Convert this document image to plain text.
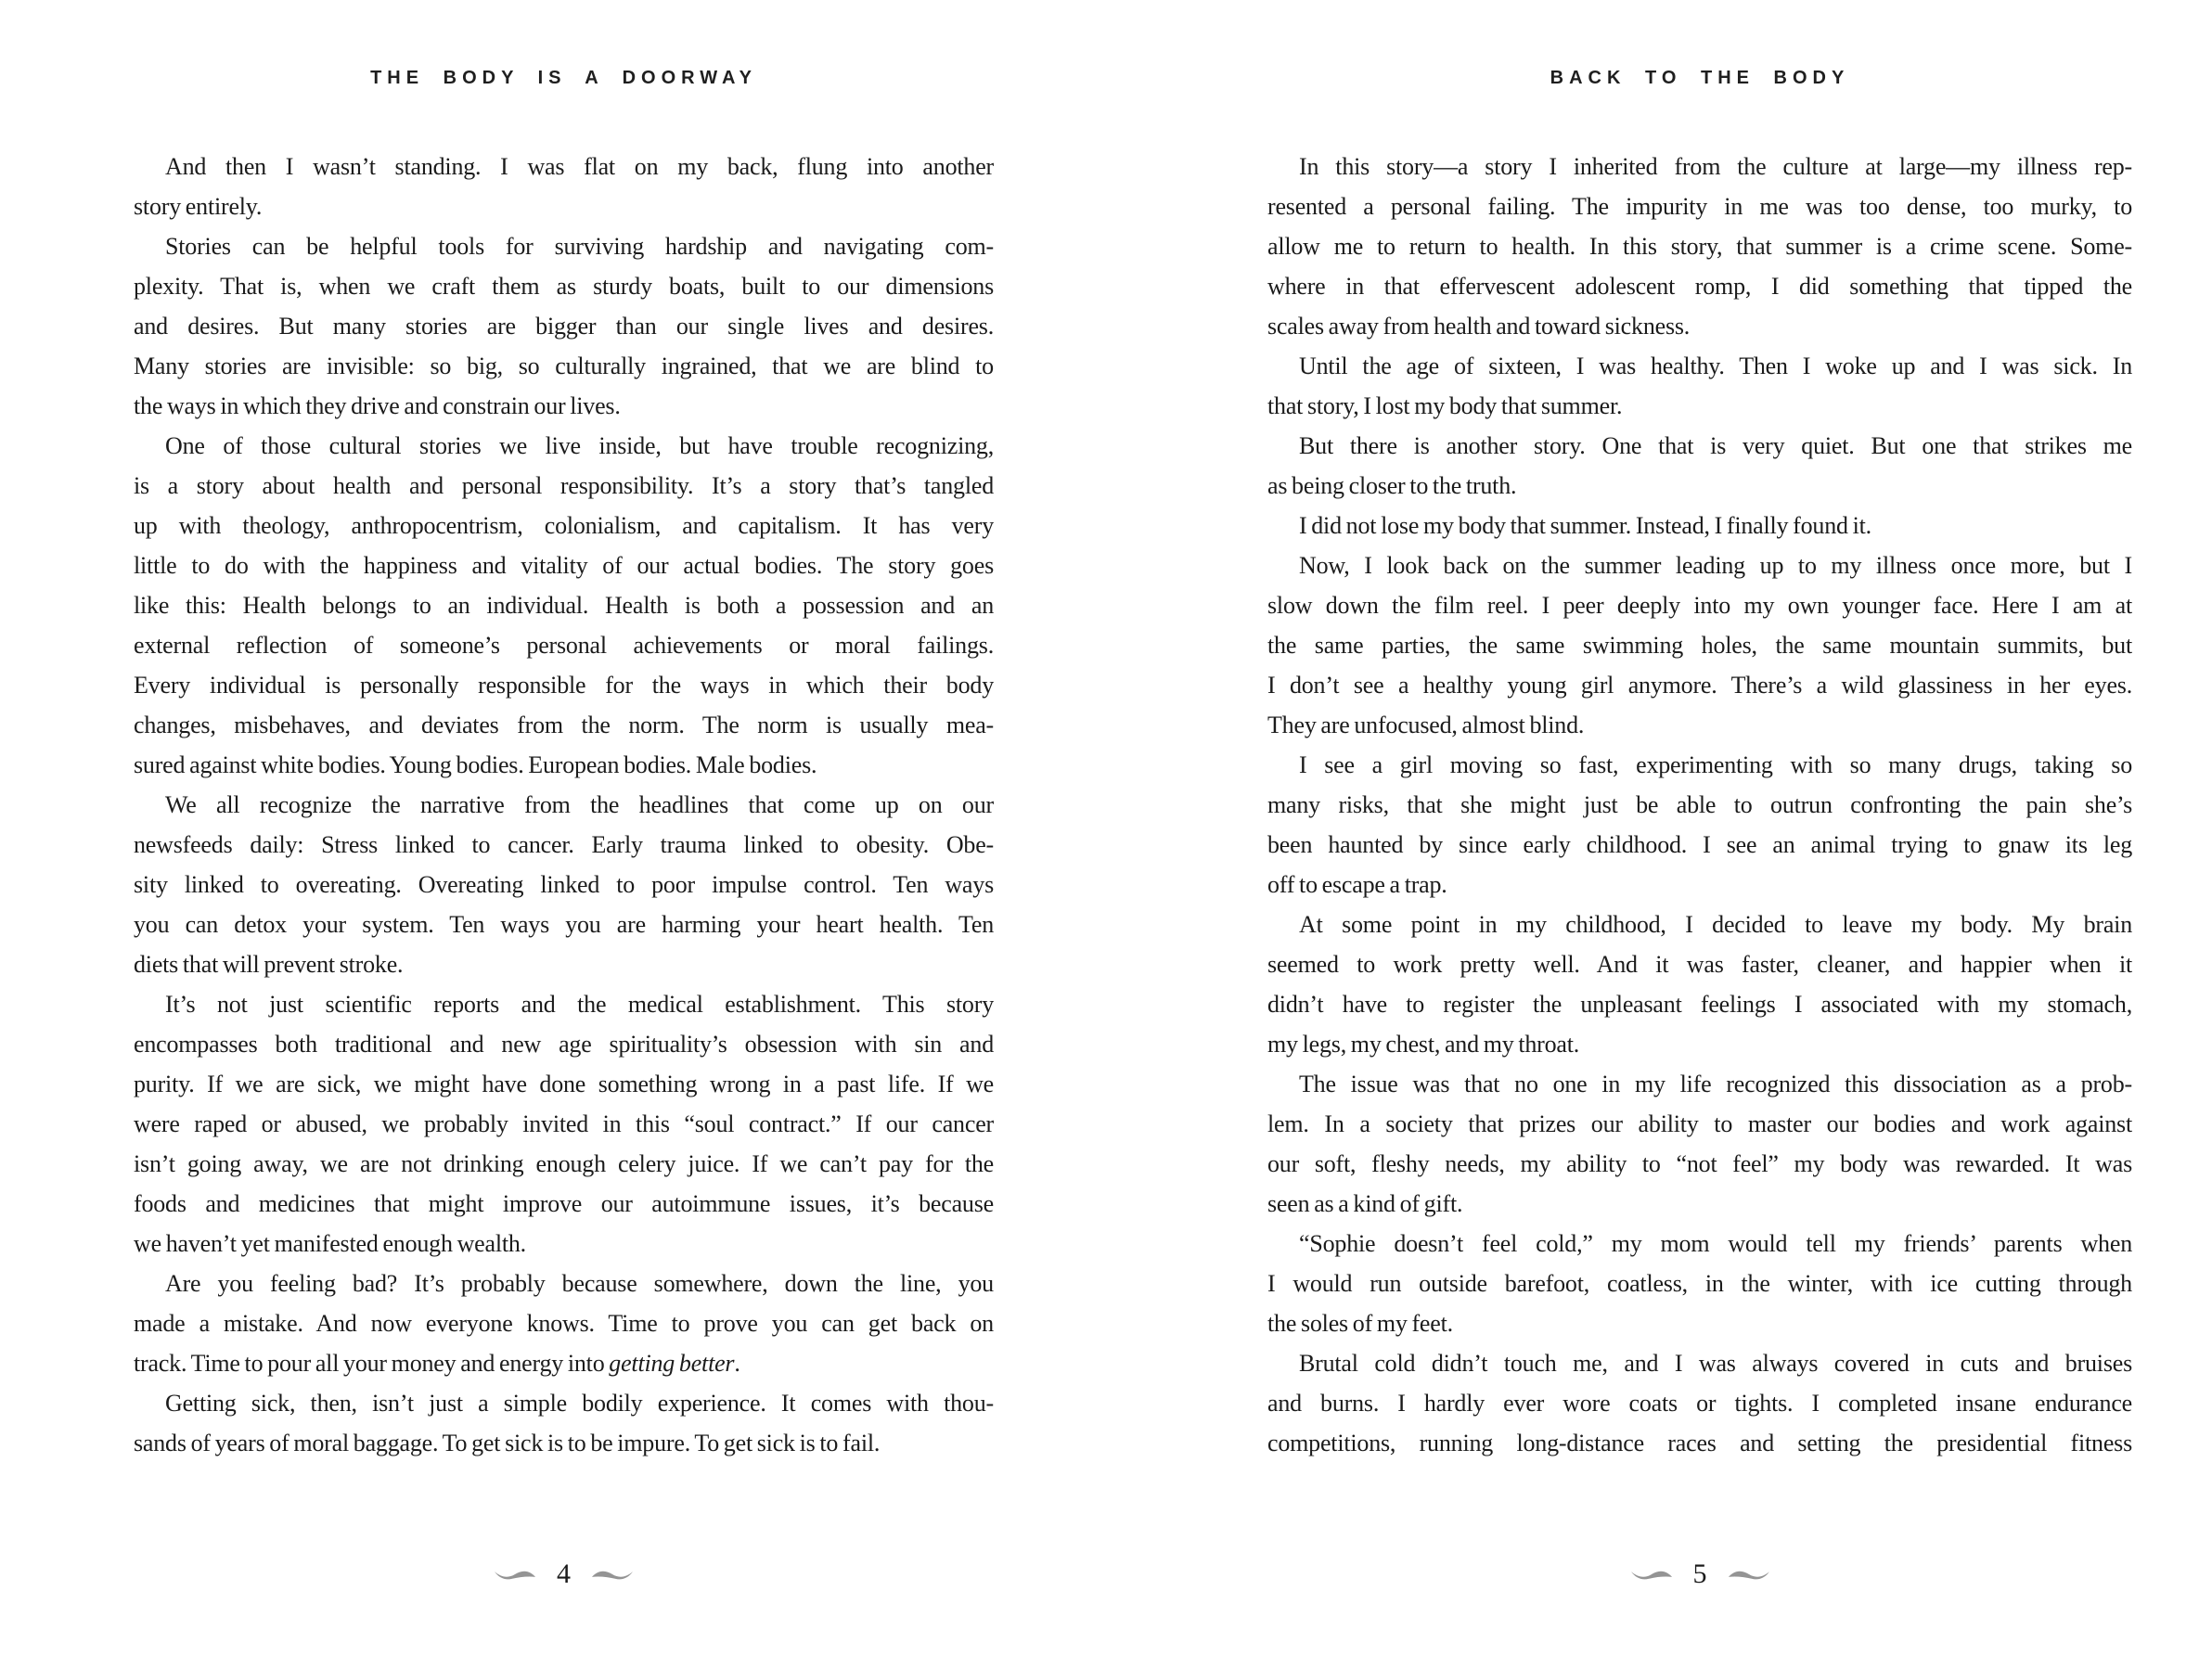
THE BODY IS A DOORWAY
And then I wasn’t standing. I was flat on my back, flung into another
story entirely.
Stories can be helpful tools for surviving hardship and navigating com-
plexity. That is, when we craft them as sturdy boats, built to our dimensions
and desires. But many stories are bigger than our single lives and desires.
Many stories are invisible: so big, so culturally ingrained, that we are blind to
the ways in which they drive and constrain our lives.
One of those cultural stories we live inside, but have trouble recognizing,
is a story about health and personal responsibility. It’s a story that’s tangled
up with theology, anthropocentrism, colonialism, and capitalism. It has very
little to do with the happiness and vitality of our actual bodies. The story goes
like this: Health belongs to an individual. Health is both a possession and an
external reflection of someone’s personal achievements or moral failings.
Every individual is personally responsible for the ways in which their body
changes, misbehaves, and deviates from the norm. The norm is usually mea-
sured against white bodies. Young bodies. European bodies. Male bodies.
We all recognize the narrative from the headlines that come up on our
newsfeeds daily: Stress linked to cancer. Early trauma linked to obesity. Obe-
sity linked to overeating. Overeating linked to poor impulse control. Ten ways
you can detox your system. Ten ways you are harming your heart health. Ten
diets that will prevent stroke.
It’s not just scientific reports and the medical establishment. This story
encompasses both traditional and new age spirituality’s obsession with sin and
purity. If we are sick, we might have done something wrong in a past life. If we
were raped or abused, we probably invited in this “soul contract.” If our cancer
isn’t going away, we are not drinking enough celery juice. If we can’t pay for the
foods and medicines that might improve our autoimmune issues, it’s because
we haven’t yet manifested enough wealth.
Are you feeling bad? It’s probably because somewhere, down the line, you
made a mistake. And now everyone knows. Time to prove you can get back on
track. Time to pour all your money and energy into getting better.
Getting sick, then, isn’t just a simple bodily experience. It comes with thou-
sands of years of moral baggage. To get sick is to be impure. To get sick is to fail.
4
BACK TO THE BODY
In this story—a story I inherited from the culture at large—my illness rep-
resented a personal failing. The impurity in me was too dense, too murky, to
allow me to return to health. In this story, that summer is a crime scene. Some-
where in that effervescent adolescent romp, I did something that tipped the
scales away from health and toward sickness.
Until the age of sixteen, I was healthy. Then I woke up and I was sick. In
that story, I lost my body that summer.
But there is another story. One that is very quiet. But one that strikes me
as being closer to the truth.
I did not lose my body that summer. Instead, I finally found it.
Now, I look back on the summer leading up to my illness once more, but I
slow down the film reel. I peer deeply into my own younger face. Here I am at
the same parties, the same swimming holes, the same mountain summits, but
I don’t see a healthy young girl anymore. There’s a wild glassiness in her eyes.
They are unfocused, almost blind.
I see a girl moving so fast, experimenting with so many drugs, taking so
many risks, that she might just be able to outrun confronting the pain she’s
been haunted by since early childhood. I see an animal trying to gnaw its leg
off to escape a trap.
At some point in my childhood, I decided to leave my body. My brain
seemed to work pretty well. And it was faster, cleaner, and happier when it
didn’t have to register the unpleasant feelings I associated with my stomach,
my legs, my chest, and my throat.
The issue was that no one in my life recognized this dissociation as a prob-
lem. In a society that prizes our ability to master our bodies and work against
our soft, fleshy needs, my ability to “not feel” my body was rewarded. It was
seen as a kind of gift.
“Sophie doesn’t feel cold,” my mom would tell my friends’ parents when
I would run outside barefoot, coatless, in the winter, with ice cutting through
the soles of my feet.
Brutal cold didn’t touch me, and I was always covered in cuts and bruises
and burns. I hardly ever wore coats or tights. I completed insane endurance
competitions, running long-distance races and setting the presidential fitness
5
